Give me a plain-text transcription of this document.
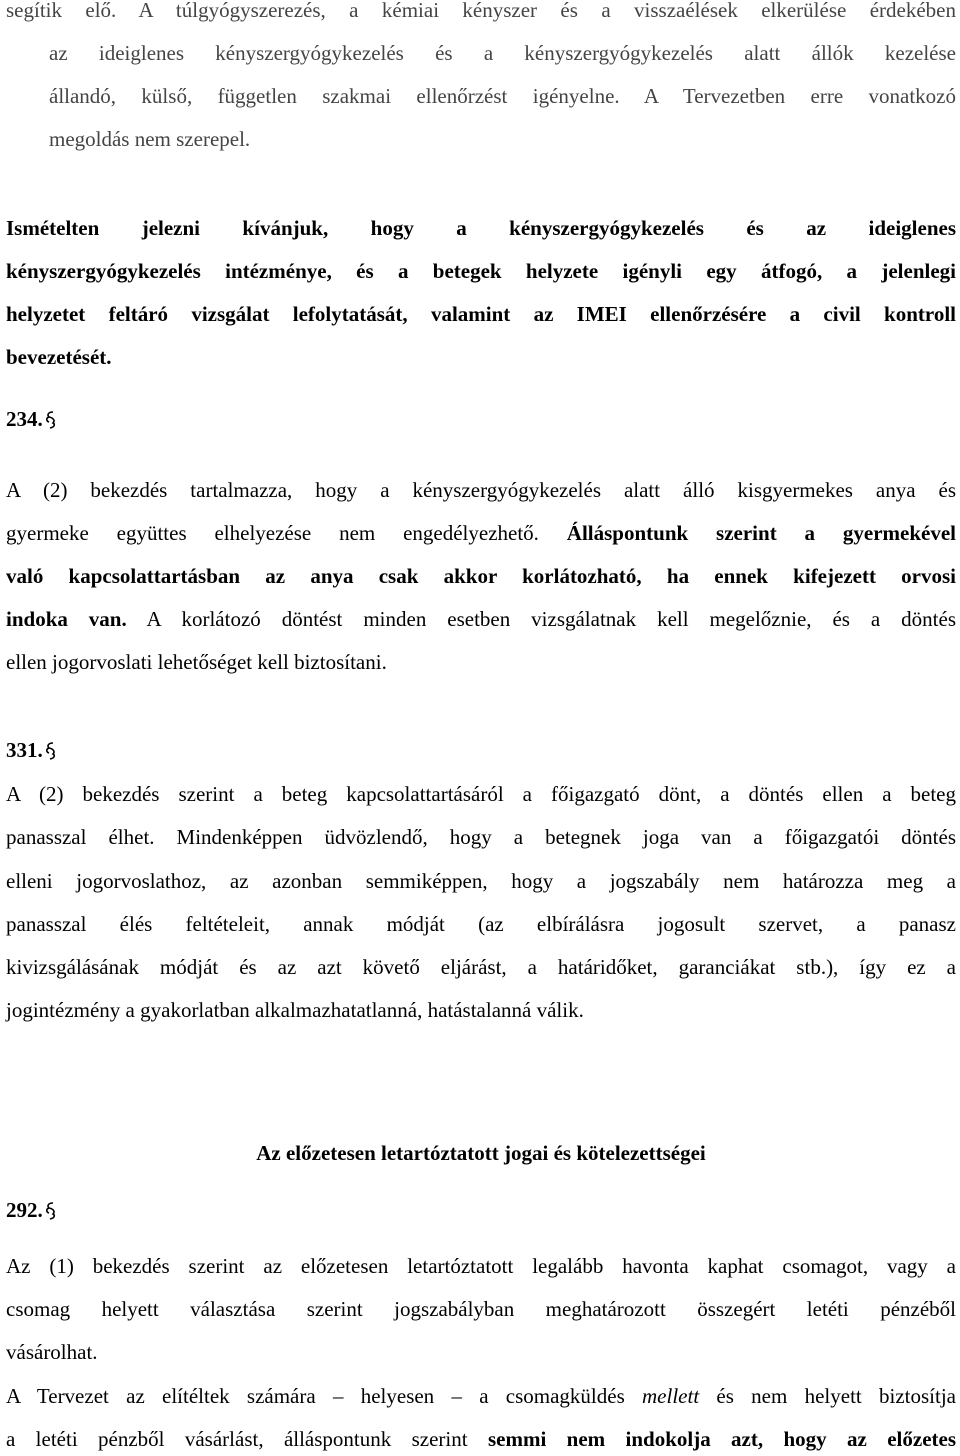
segítik elő. A túlgyógyszerezés, a kémiai kényszer és a visszaélések elkerülése érdekében
az ideiglenes kényszergyógykezelés és a kényszergyógykezelés alatt állók kezelése
állandó, külső, független szakmai ellenőrzést igényelne. A Tervezetben erre vonatkozó
megoldás nem szerepel.
Ismételten jelezni kívánjuk, hogy a kényszergyógykezelés és az ideiglenes
kényszergyógykezelés intézménye, és a betegek helyzete igényli egy átfogó, a jelenlegi
helyzetet feltáró vizsgálat lefolytatását, valamint az IMEI ellenőrzésére a civil kontroll
bevezetését.
234.
A (2) bekezdés tartalmazza, hogy a kényszergyógykezelés alatt álló kisgyermekes anya és
gyermeke együttes elhelyezése nem engedélyezhető. Álláspontunk szerint a gyermekével
való kapcsolattartásban az anya csak akkor korlátozható, ha ennek kifejezett orvosi
indoka van. A korlátozó döntést minden esetben vizsgálatnak kell megelőznie, és a döntés
ellen jogorvoslati lehetőséget kell biztosítani.
331.
A (2) bekezdés szerint a beteg kapcsolattartásáról a főigazgató dönt, a döntés ellen a beteg
panasszal élhet. Mindenképpen üdvözlendő, hogy a betegnek joga van a főigazgatói döntés
elleni jogorvoslathoz, az azonban semmiképpen, hogy a jogszabály nem határozza meg a
panasszal élés feltételeit, annak módját (az elbírálásra jogosult szervet, a panasz
kivizsgálásának módját és az azt követő eljárást, a határidőket, garanciákat stb.), így ez a
jogintézmény a gyakorlatban alkalmazhatatlanná, hatástalanná válik.
Az előzetesen letartóztatott jogai és kötelezettségei
292.
Az (1) bekezdés szerint az előzetesen letartóztatott legalább havonta kaphat csomagot, vagy a
csomag helyett választása szerint jogszabályban meghatározott összegért letéti pénzéből
vásárolhat.
A Tervezet az elítéltek számára – helyesen – a csomagküldés mellett és nem helyett biztosítja
a letéti pénzből vásárlást, álláspontunk szerint semmi nem indokolja azt, hogy az előzetes
